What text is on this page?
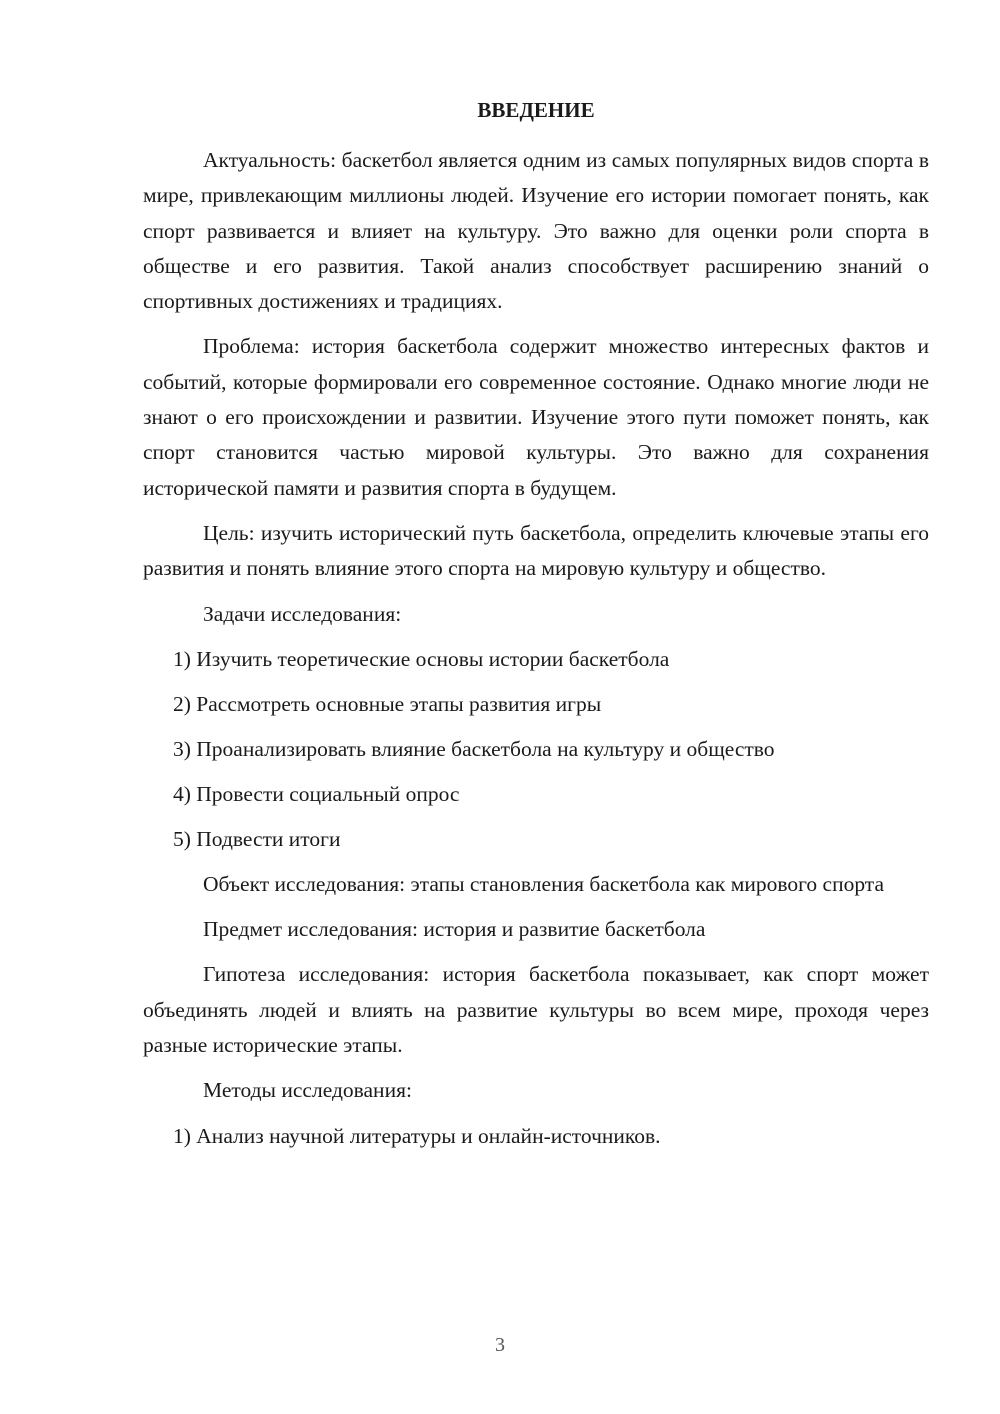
ВВЕДЕНИЕ
Актуальность: баскетбол является одним из самых популярных видов спорта в мире, привлекающим миллионы людей. Изучение его истории помогает понять, как спорт развивается и влияет на культуру. Это важно для оценки роли спорта в обществе и его развития. Такой анализ способствует расширению знаний о спортивных достижениях и традициях.
Проблема: история баскетбола содержит множество интересных фактов и событий, которые формировали его современное состояние. Однако многие люди не знают о его происхождении и развитии. Изучение этого пути поможет понять, как спорт становится частью мировой культуры. Это важно для сохранения исторической памяти и развития спорта в будущем.
Цель: изучить исторический путь баскетбола, определить ключевые этапы его развития и понять влияние этого спорта на мировую культуру и общество.
Задачи исследования:
1) Изучить теоретические основы истории баскетбола
2) Рассмотреть основные этапы развития игры
3) Проанализировать влияние баскетбола на культуру и общество
4) Провести социальный опрос
5) Подвести итоги
Объект исследования: этапы становления баскетбола как мирового спорта
Предмет исследования: история и развитие баскетбола
Гипотеза исследования: история баскетбола показывает, как спорт может объединять людей и влиять на развитие культуры во всем мире, проходя через разные исторические этапы.
Методы исследования:
1) Анализ научной литературы и онлайн-источников.
3
